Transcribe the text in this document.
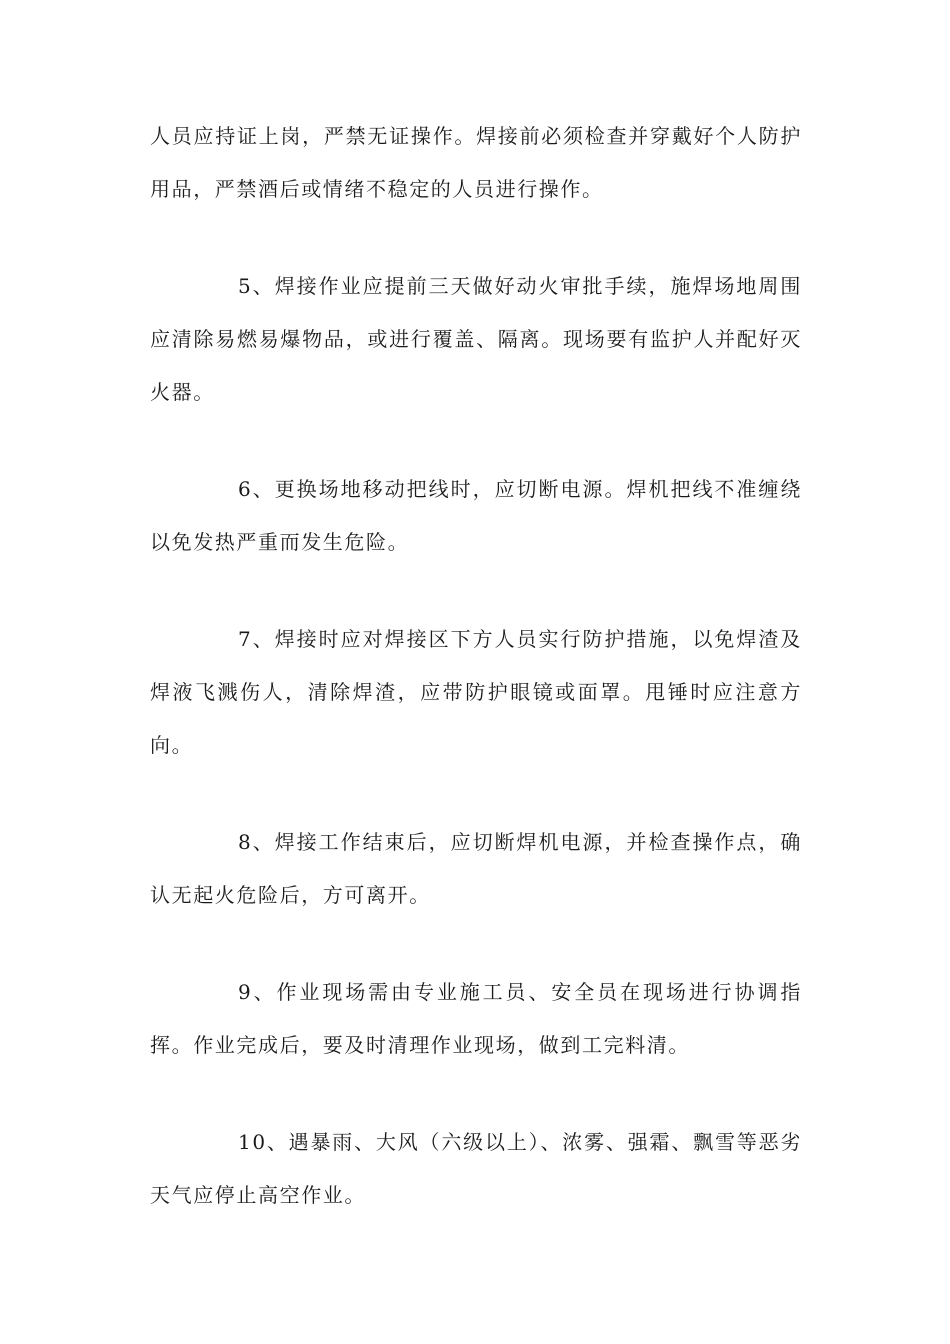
人员应持证上岗，严禁无证操作。焊接前必须检查并穿戴好个人防护用品，严禁酒后或情绪不稳定的人员进行操作。

5、焊接作业应提前三天做好动火审批手续，施焊场地周围应清除易燃易爆物品，或进行覆盖、隔离。现场要有监护人并配好灭火器。

6、更换场地移动把线时，应切断电源。焊机把线不准缠绕以免发热严重而发生危险。

7、焊接时应对焊接区下方人员实行防护措施，以免焊渣及焊液飞溅伤人，清除焊渣，应带防护眼镜或面罩。甩锤时应注意方向。

8、焊接工作结束后，应切断焊机电源，并检查操作点，确认无起火危险后，方可离开。

9、作业现场需由专业施工员、安全员在现场进行协调指挥。作业完成后，要及时清理作业现场，做到工完料清。

10、遇暴雨、大风（六级以上）、浓雾、强霜、飘雪等恶劣天气应停止高空作业。
